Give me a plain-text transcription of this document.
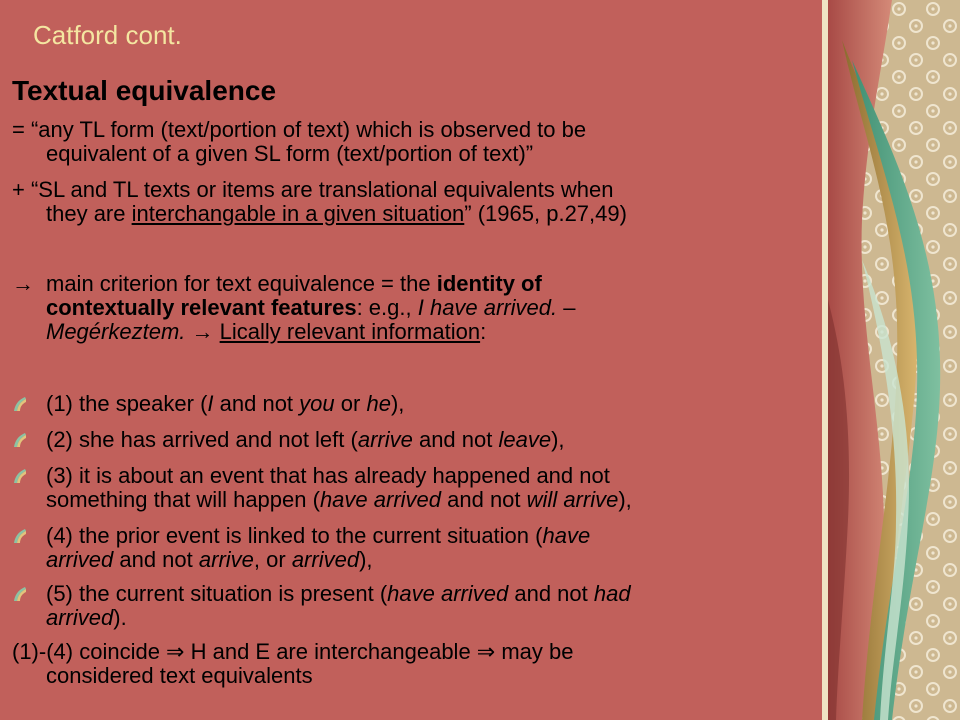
Catford cont.
Textual equivalence
= “any TL form (text/portion of text) which is observed to be
equivalent of a given SL form (text/portion of text)”
+ “SL and TL texts or items are translational equivalents when
they are interchangable in a given situation” (1965, p.27,49)
→ main criterion for text equivalence = the identity of
contextually relevant features: e.g., I have arrived. –
Megérkeztem. → Lically relevant information:
(1) the speaker (I and not you or he),
(2) she has arrived and not left (arrive and not leave),
(3) it is about an event that has already happened and not
something that will happen (have arrived and not will arrive),
(4) the prior event is linked to the current situation (have
arrived and not arrive, or arrived),
(5) the current situation is present (have arrived and not had
arrived).
(1)-(4) coincide ⇒ H and E are interchangeable ⇒ may be
considered text equivalents
